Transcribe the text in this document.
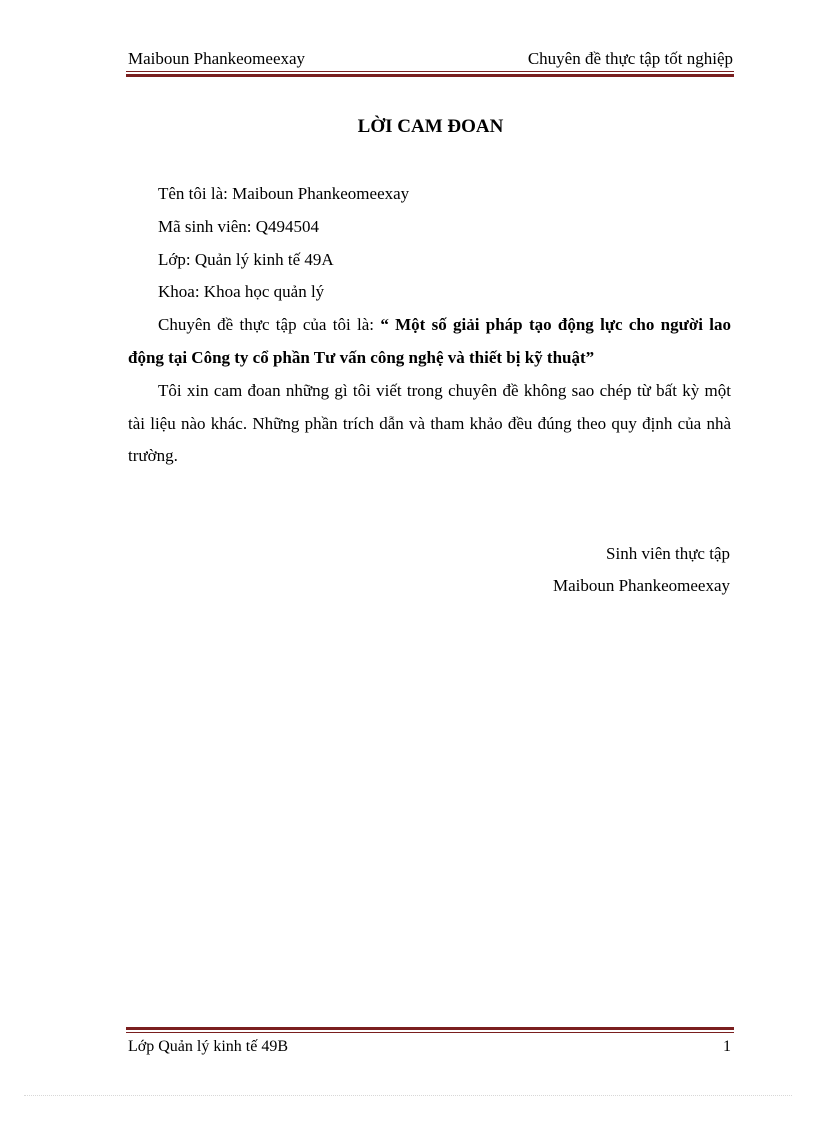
Maiboun Phankeomeexay	Chuyên đề thực tập tốt nghiệp
LỜI CAM ĐOAN

Tên tôi là: Maiboun Phankeomeexay

Mã sinh viên: Q494504

Lớp: Quản lý kinh tế 49A

Khoa: Khoa học quản lý

Chuyên đề thực tập của tôi là: “ Một số giải pháp tạo động lực cho người lao động tại Công ty cổ phần Tư vấn công nghệ và thiết bị kỹ thuật”

Tôi xin cam đoan những gì tôi viết trong chuyên đề không sao chép từ bất kỳ một tài liệu nào khác. Những phần trích dẫn và tham khảo đều đúng theo quy định của nhà trường.

Sinh viên thực tập
Maiboun Phankeomeexay
Lớp Quản lý kinh tế 49B	1
